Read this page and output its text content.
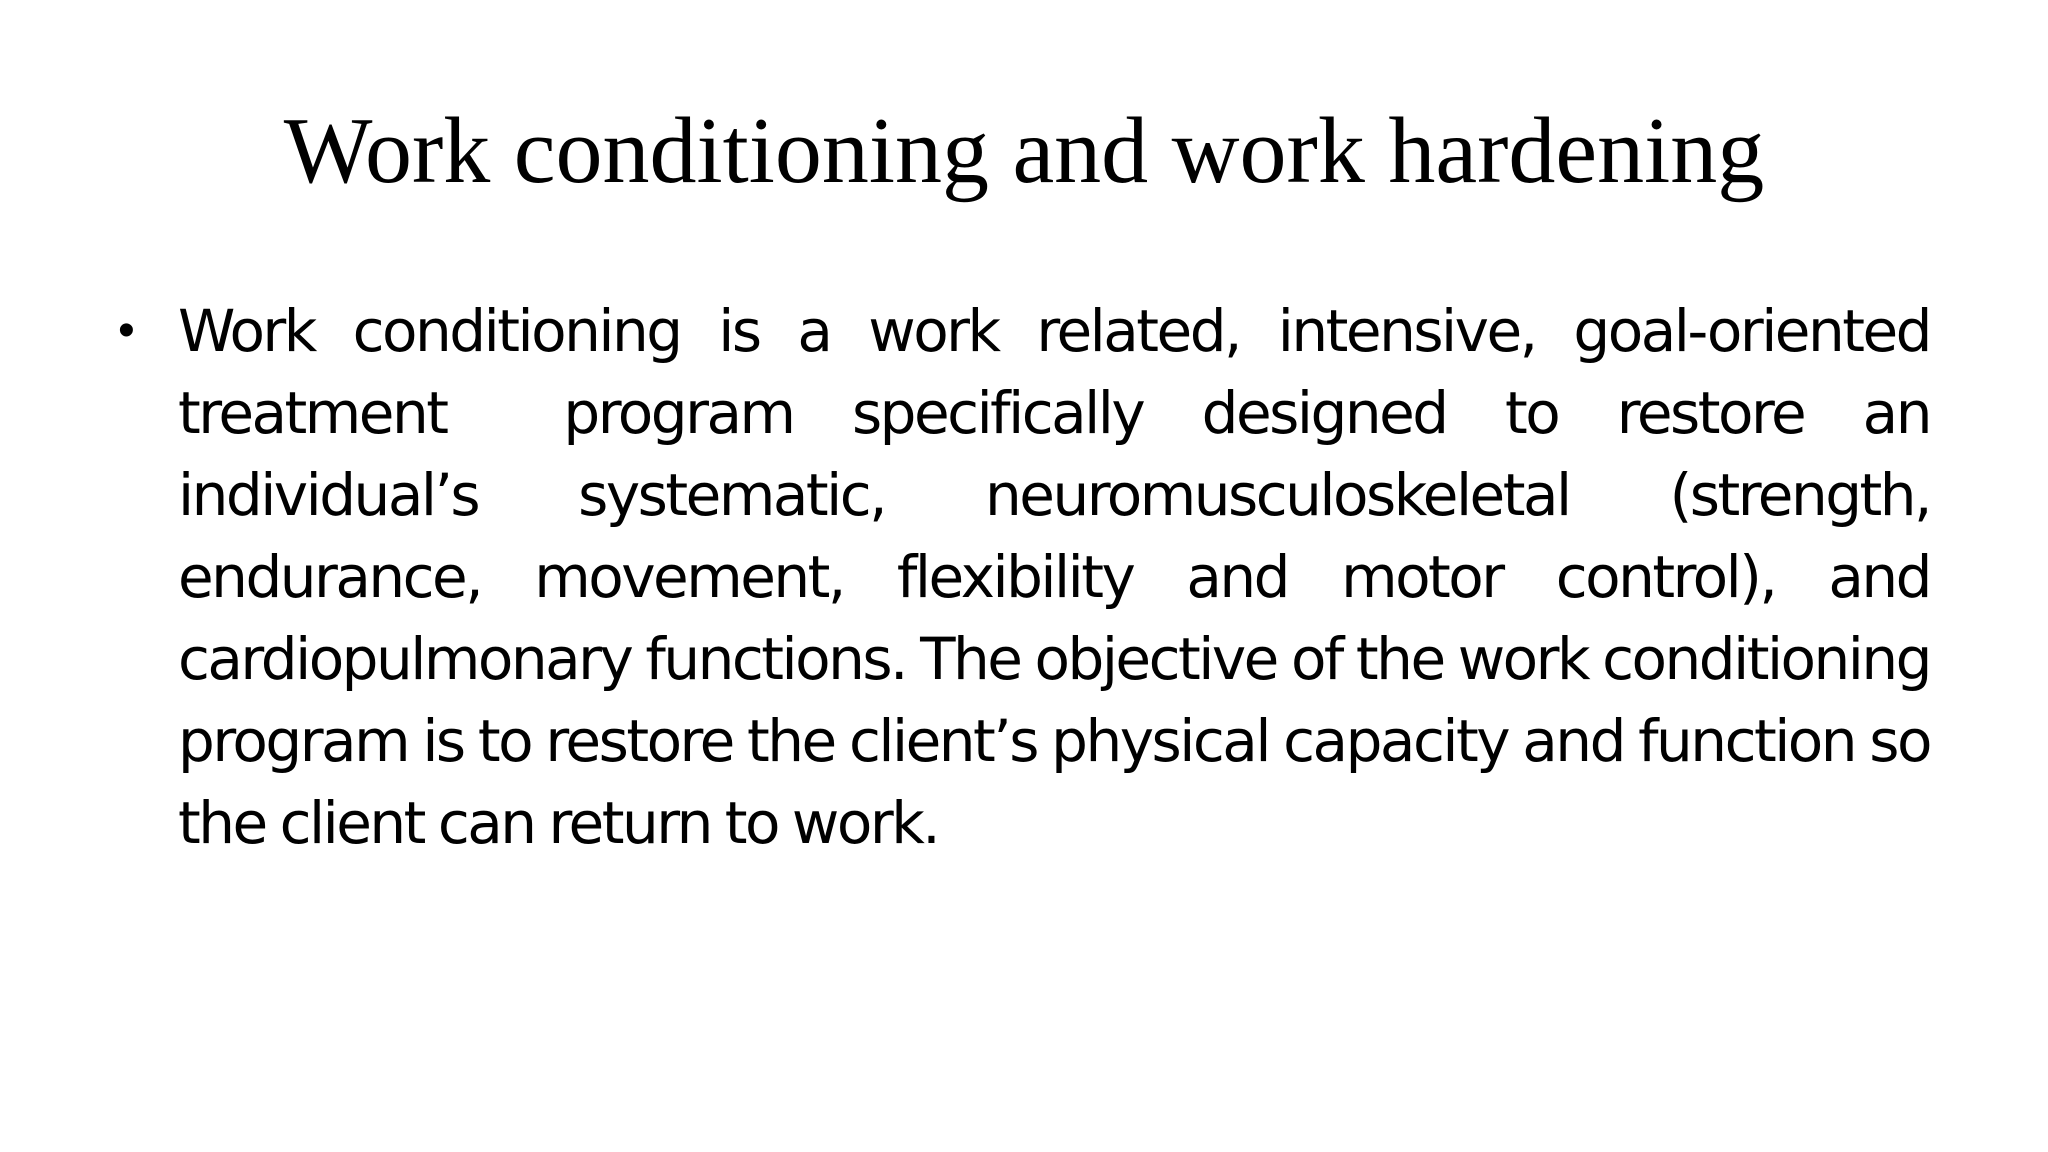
Work conditioning and work hardening
• Work conditioning is a work related, intensive, goal-oriented treatment  program specifically designed to restore an individual’s systematic, neuromusculoskeletal (strength, endurance, movement, flexibility and motor control), and cardiopulmonary functions. The objective of the work conditioning program is to restore the client’s physical capacity and function so the client can return to work.
